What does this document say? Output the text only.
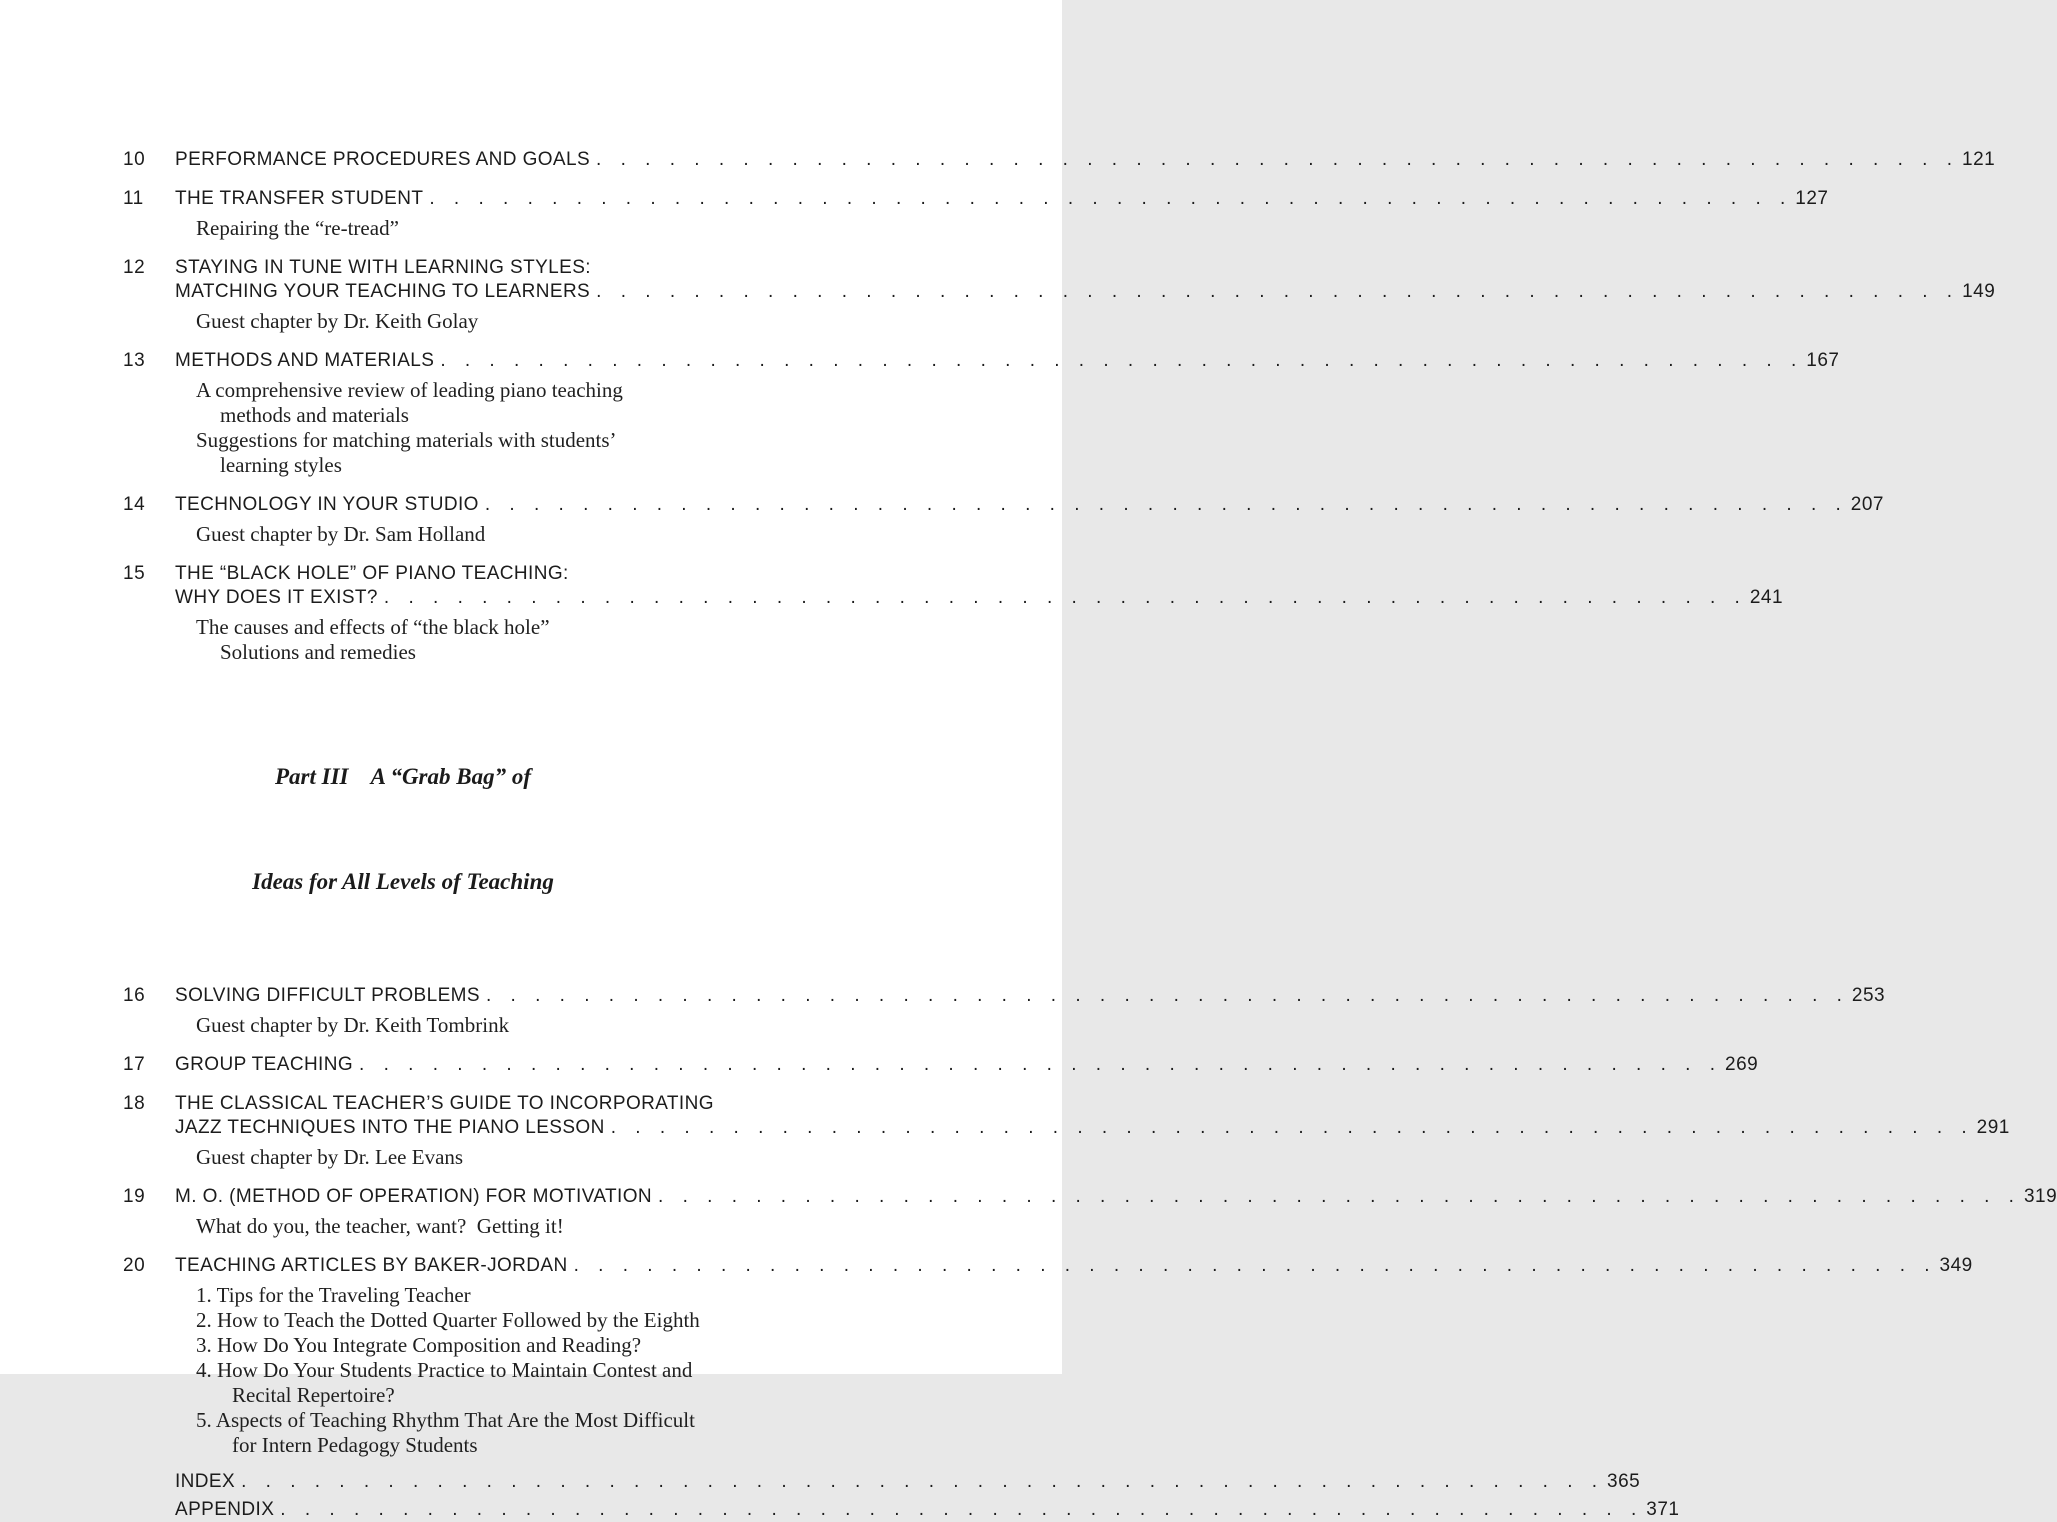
10	PERFORMANCE PROCEDURES AND GOALS . . .	121
11	THE TRANSFER STUDENT . . .	127
Repairing the “re-tread”
12	STAYING IN TUNE WITH LEARNING STYLES:
MATCHING YOUR TEACHING TO LEARNERS . . .	149
Guest chapter by Dr. Keith Golay
13	METHODS AND MATERIALS . . .	167
A comprehensive review of leading piano teaching
methods and materials
Suggestions for matching materials with students’
learning styles
14	TECHNOLOGY IN YOUR STUDIO . . .	207
Guest chapter by Dr. Sam Holland
15	THE “BLACK HOLE” OF PIANO TEACHING:
WHY DOES IT EXIST? . . .	241
The causes and effects of “the black hole”
Solutions and remedies

Part III    A “Grab Bag” of

Ideas for All Levels of Teaching

16	SOLVING DIFFICULT PROBLEMS . . .	253
Guest chapter by Dr. Keith Tombrink
17	GROUP TEACHING . . .	269
18	THE CLASSICAL TEACHER’S GUIDE TO INCORPORATING
JAZZ TECHNIQUES INTO THE PIANO LESSON . . .	291
Guest chapter by Dr. Lee Evans
19	M. O. (METHOD OF OPERATION) FOR MOTIVATION . . .	319
What do you, the teacher, want?  Getting it!
20	TEACHING ARTICLES BY BAKER-JORDAN . . .	349
1. Tips for the Traveling Teacher
2. How to Teach the Dotted Quarter Followed by the Eighth
3. How Do You Integrate Composition and Reading?
4. How Do Your Students Practice to Maintain Contest and
Recital Repertoire?
5. Aspects of Teaching Rhythm That Are the Most Difficult
for Intern Pedagogy Students
INDEX . . .	365
APPENDIX . . .	371
